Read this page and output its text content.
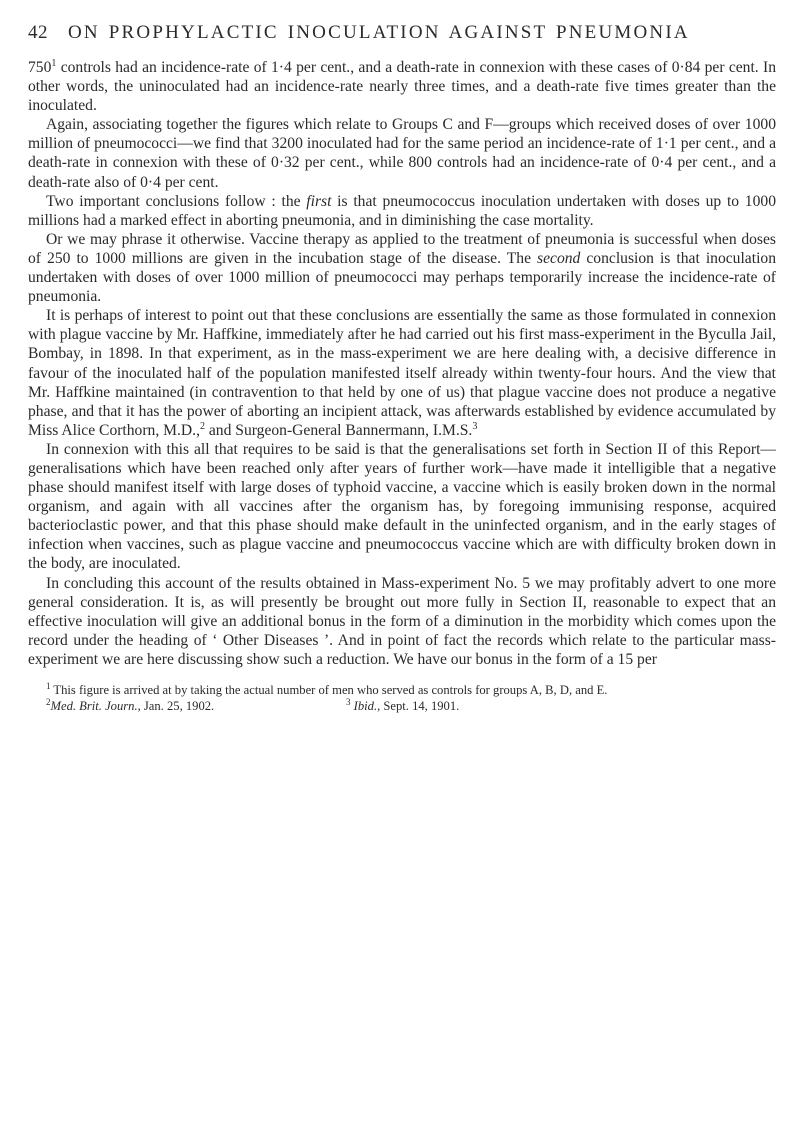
42	ON PROPHYLACTIC INOCULATION AGAINST PNEUMONIA

$750^1$ controls had an incidence-rate of 1·4 per cent., and a death-rate in connexion with these cases of 0·84 per cent. In other words, the uninoculated had an incidence-rate nearly three times, and a death-rate five times greater than the inoculated.

Again, associating together the figures which relate to Groups C and F—groups which received doses of over 1000 million of pneumococci—we find that 3200 inoculated had for the same period an incidence-rate of 1·1 per cent., and a death-rate in connexion with these of 0·32 per cent., while 800 controls had an incidence-rate of 0·4 per cent., and a death-rate also of 0·4 per cent.

Two important conclusions follow : the first is that pneumococcus inoculation undertaken with doses up to 1000 millions had a marked effect in aborting pneumonia, and in diminishing the case mortality.

Or we may phrase it otherwise. Vaccine therapy as applied to the treatment of pneumonia is successful when doses of 250 to 1000 millions are given in the incubation stage of the disease. The second conclusion is that inoculation undertaken with doses of over 1000 million of pneumococci may perhaps temporarily increase the incidence-rate of pneumonia.

It is perhaps of interest to point out that these conclusions are essentially the same as those formulated in connexion with plague vaccine by Mr. Haffkine, immediately after he had carried out his first mass-experiment in the Byculla Jail, Bombay, in 1898. In that experiment, as in the mass-experiment we are here dealing with, a decisive difference in favour of the inoculated half of the population manifested itself already within twenty-four hours. And the view that Mr. Haffkine maintained (in contravention to that held by one of us) that plague vaccine does not produce a negative phase, and that it has the power of aborting an incipient attack, was afterwards established by evidence accumulated by Miss Alice Corthorn, M.D.,$^2$ and Surgeon-General Bannermann, I.M.S.$^3$

In connexion with this all that requires to be said is that the generalisations set forth in Section II of this Report—generalisations which have been reached only after years of further work—have made it intelligible that a negative phase should manifest itself with large doses of typhoid vaccine, a vaccine which is easily broken down in the normal organism, and again with all vaccines after the organism has, by foregoing immunising response, acquired bacterioclastic power, and that this phase should make default in the uninfected organism, and in the early stages of infection when vaccines, such as plague vaccine and pneumococcus vaccine which are with difficulty broken down in the body, are inoculated.

In concluding this account of the results obtained in Mass-experiment No. 5 we may profitably advert to one more general consideration. It is, as will presently be brought out more fully in Section II, reasonable to expect that an effective inoculation will give an additional bonus in the form of a diminution in the morbidity which comes upon the record under the heading of ‘ Other Diseases ’. And in point of fact the records which relate to the particular mass-experiment we are here discussing show such a reduction. We have our bonus in the form of a 15 per

$^1$ This figure is arrived at by taking the actual number of men who served as controls for groups A, B, D, and E.

$^2$Med. Brit. Journ., Jan. 25, 1902.	$^3$ Ibid., Sept. 14, 1901.
